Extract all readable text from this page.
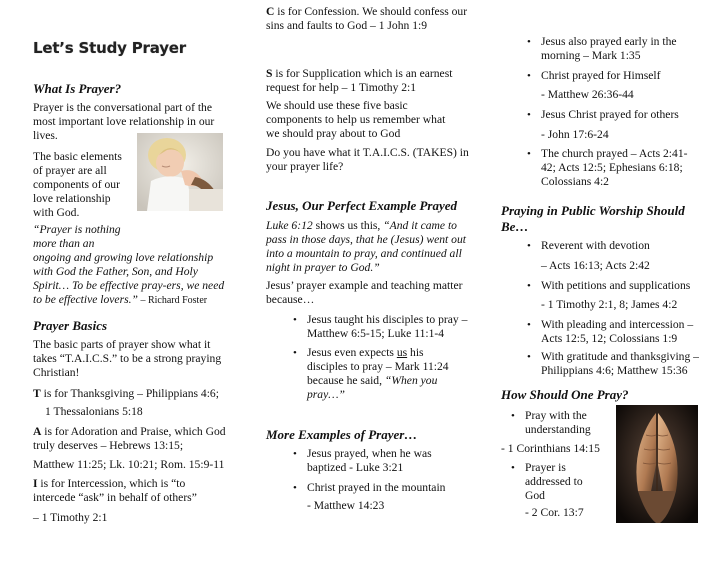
Let’s Study Prayer
What Is Prayer?

Prayer is the conversational part of the most important love relationship in our lives.

The basic elements of prayer are all components of our love relationship with God.

“Prayer is nothing

more than an

ongoing and growing love relationship with God the Father, Son, and Holy Spirit… To be effective pray-ers, we need to be effective lovers.” – Richard Foster

Prayer Basics

The basic parts of prayer show what it takes “T.A.I.C.S.” to be a strong praying Christian!

T is for Thanksgiving – Philippians 4:6;

1 Thessalonians 5:18

A is for Adoration and Praise, which God truly deserves – Hebrews 13:15;

Matthew 11:25; Lk. 10:21; Rom. 15:9-11

I is for Intercession, which is “to intercede “ask” in behalf of others”

– 1 Timothy 2:1

C is for Confession. We should confess our sins and faults to God – 1 John 1:9

S is for Supplication which is an earnest request for help – 1 Timothy 2:1

We should use these five basic components to help us remember what we should pray about to God

Do you have what it T.A.I.C.S. (TAKES) in your prayer life?

Jesus, Our Perfect Example Prayed

Luke 6:12 shows us this, “And it came to pass in those days, that he (Jesus) went out into a mountain to pray, and continued all night in prayer to God.”

Jesus’ prayer example and teaching matter because…

• Jesus taught his disciples to pray – Matthew 6:5-15; Luke 11:1-4
• Jesus even expects us his disciples to pray – Mark 11:24 because he said, “When you pray…”
More Examples of Prayer…
• Jesus prayed, when he was baptized - Luke 3:21
• Christ prayed in the mountain

- Matthew 14:23

• Jesus also prayed early in the morning – Mark 1:35
• Christ prayed for Himself

- Matthew 26:36-44

• Jesus Christ prayed for others

- John 17:6-24

• The church prayed – Acts 2:41-42; Acts 12:5; Ephesians 6:18; Colossians 4:2
Praying in Public Worship Should Be…
• Reverent with devotion

– Acts 16:13; Acts 2:42

• With petitions and supplications

- 1 Timothy 2:1, 8; James 4:2

• With pleading and intercession – Acts 12:5, 12; Colossians 1:9
• With gratitude and thanksgiving –Philippians 4:6; Matthew 15:36
How Should One Pray?
• Pray with the understanding

- 1 Corinthians 14:15

• Prayer is addressed to God

- 2 Cor. 13:7
